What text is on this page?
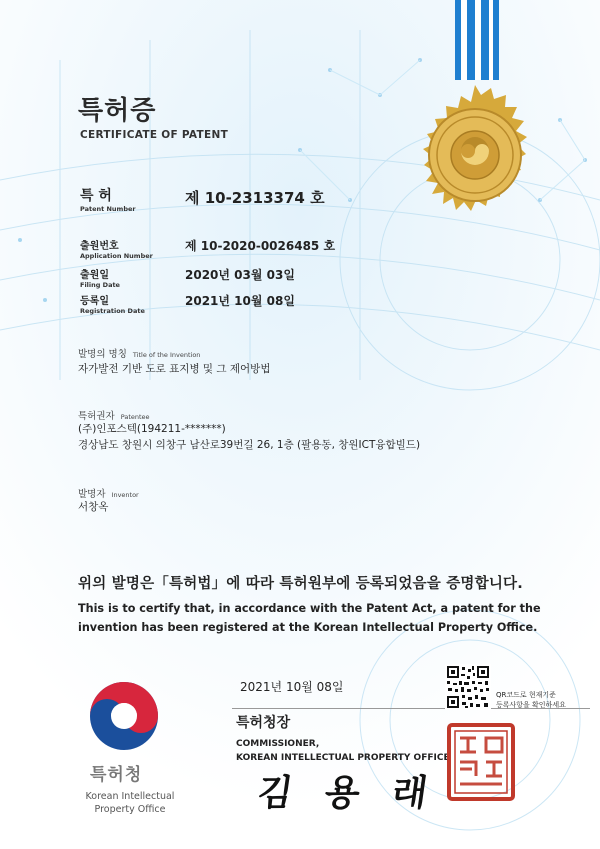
특허증
CERTIFICATE OF PATENT
특 허
Patent Number
제 10-2313374 호
출원번호
Application Number
제 10-2020-0026485 호
출원일
Filing Date
2020년 03월 03일
등록일
Registration Date
2021년 10월 08일
발명의 명칭 Title of the Invention
자가발전 기반 도로 표지병 및 그 제어방법
특허권자 Patentee
(주)인포스텍(194211-*******)
경상남도 창원시 의창구 남산로39번길 26, 1층 (팔용동, 창원ICT융합빌드)
발명자 Inventor
서창옥
위의 발명은「특허법」에 따라 특허원부에 등록되었음을 증명합니다.
This is to certify that, in accordance with the Patent Act, a patent for the invention has been registered at the Korean Intellectual Property Office.
2021년 10월 08일
특허청장
COMMISSIONER,
KOREAN INTELLECTUAL PROPERTY OFFICE
김 용 래
QR코드로 현재기준
등록사항을 확인하세요
특허청
Korean Intellectual
Property Office
